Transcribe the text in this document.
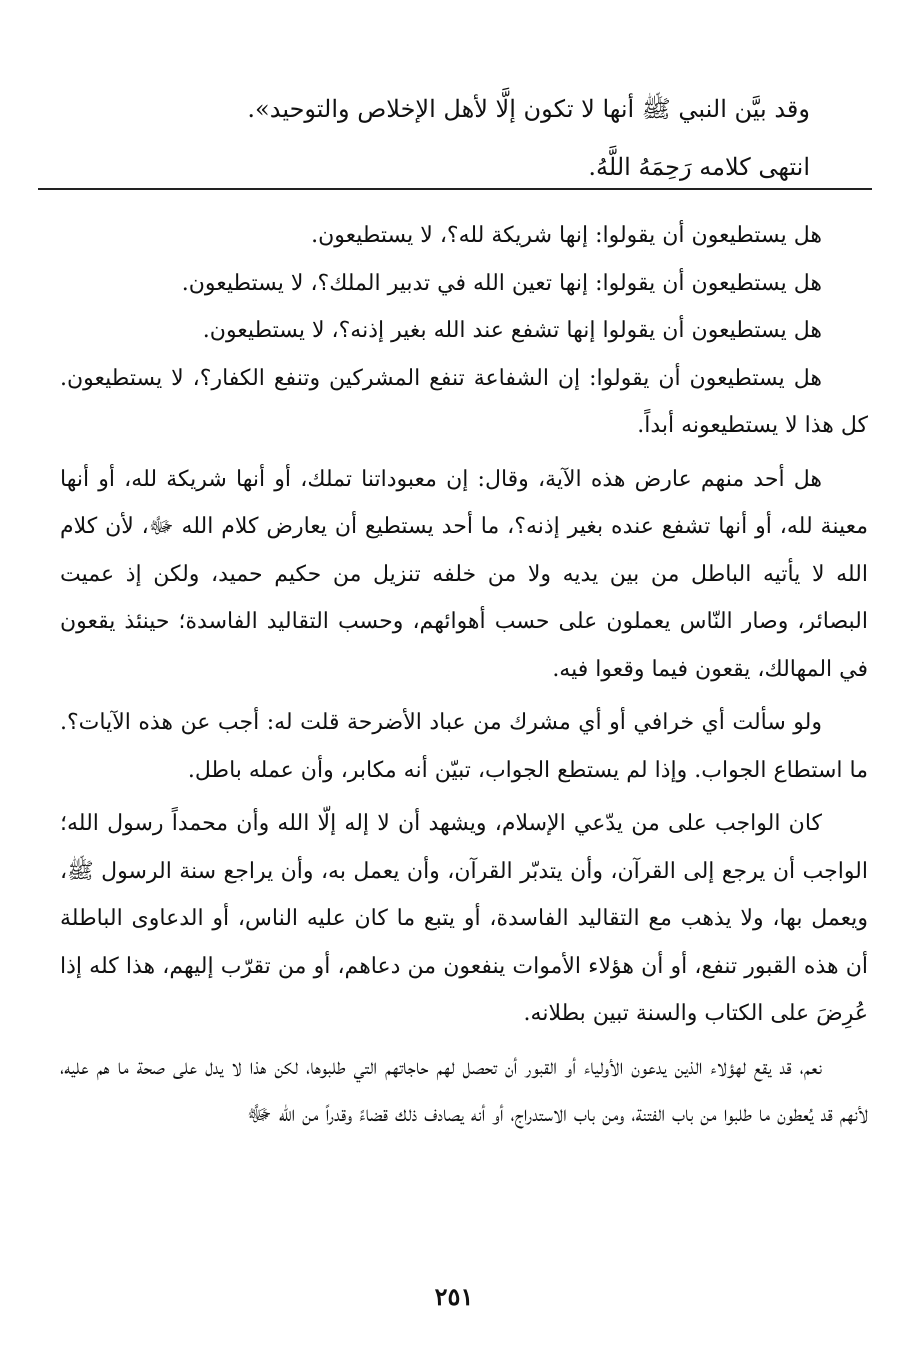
وقد بيَّن النبي ﷺ أنها لا تكون إلَّا لأهل الإخلاص والتوحيد».

انتهى كلامه رَحِمَهُ اللَّهُ.

هل يستطيعون أن يقولوا: إنها شريكة لله؟، لا يستطيعون.

هل يستطيعون أن يقولوا: إنها تعين الله في تدبير الملك؟، لا يستطيعون.

هل يستطيعون أن يقولوا إنها تشفع عند الله بغير إذنه؟، لا يستطيعون.

هل يستطيعون أن يقولوا: إن الشفاعة تنفع المشركين وتنفع الكفار؟، لا يستطيعون. كل هذا لا يستطيعونه أبداً.

هل أحد منهم عارض هذه الآية، وقال: إن معبوداتنا تملك، أو أنها شريكة لله، أو أنها معينة لله، أو أنها تشفع عنده بغير إذنه؟، ما أحد يستطيع أن يعارض كلام الله ﷻ، لأن كلام الله لا يأتيه الباطل من بين يديه ولا من خلفه تنزيل من حكيم حميد، ولكن إذ عميت البصائر، وصار النّاس يعملون على حسب أهوائهم، وحسب التقاليد الفاسدة؛ حينئذ يقعون في المهالك، يقعون فيما وقعوا فيه.

ولو سألت أي خرافي أو أي مشرك من عباد الأضرحة قلت له: أجب عن هذه الآيات؟. ما استطاع الجواب. وإذا لم يستطع الجواب، تبيّن أنه مكابر، وأن عمله باطل.

كان الواجب على من يدّعي الإسلام، ويشهد أن لا إله إلّا الله وأن محمداً رسول الله؛ الواجب أن يرجع إلى القرآن، وأن يتدبّر القرآن، وأن يعمل به، وأن يراجع سنة الرسول ﷺ، ويعمل بها، ولا يذهب مع التقاليد الفاسدة، أو يتبع ما كان عليه الناس، أو الدعاوى الباطلة أن هذه القبور تنفع، أو أن هؤلاء الأموات ينفعون من دعاهم، أو من تقرّب إليهم، هذا كله إذا عُرِضَ على الكتاب والسنة تبين بطلانه.

نعم، قد يقع لهؤلاء الذين يدعون الأولياء أو القبور أن تحصل لهم حاجاتهم التي طلبوها، لكن هذا لا يدل على صحة ما هم عليه، لأنهم قد يُعطون ما طلبوا من باب الفتنة، ومن باب الاستدراج، أو أنه يصادف ذلك قضاءً وقدراً من الله ﷻ

٢٥١
